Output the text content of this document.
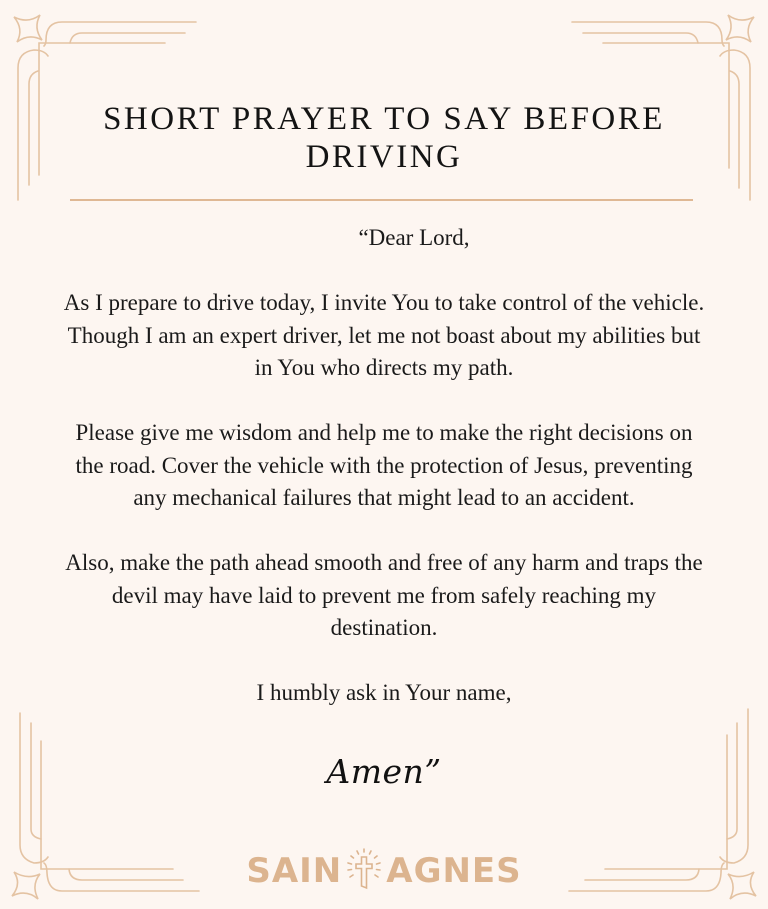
SHORT PRAYER TO SAY BEFORE DRIVING

“Dear Lord,

As I prepare to drive today, I invite You to take control of the vehicle. Though I am an expert driver, let me not boast about my abilities but in You who directs my path.

Please give me wisdom and help me to make the right decisions on the road. Cover the vehicle with the protection of Jesus, preventing any mechanical failures that might lead to an accident.

Also, make the path ahead smooth and free of any harm and traps the devil may have laid to prevent me from safely reaching my destination.

I humbly ask in Your name,

Amen”
SAIN AGNES
